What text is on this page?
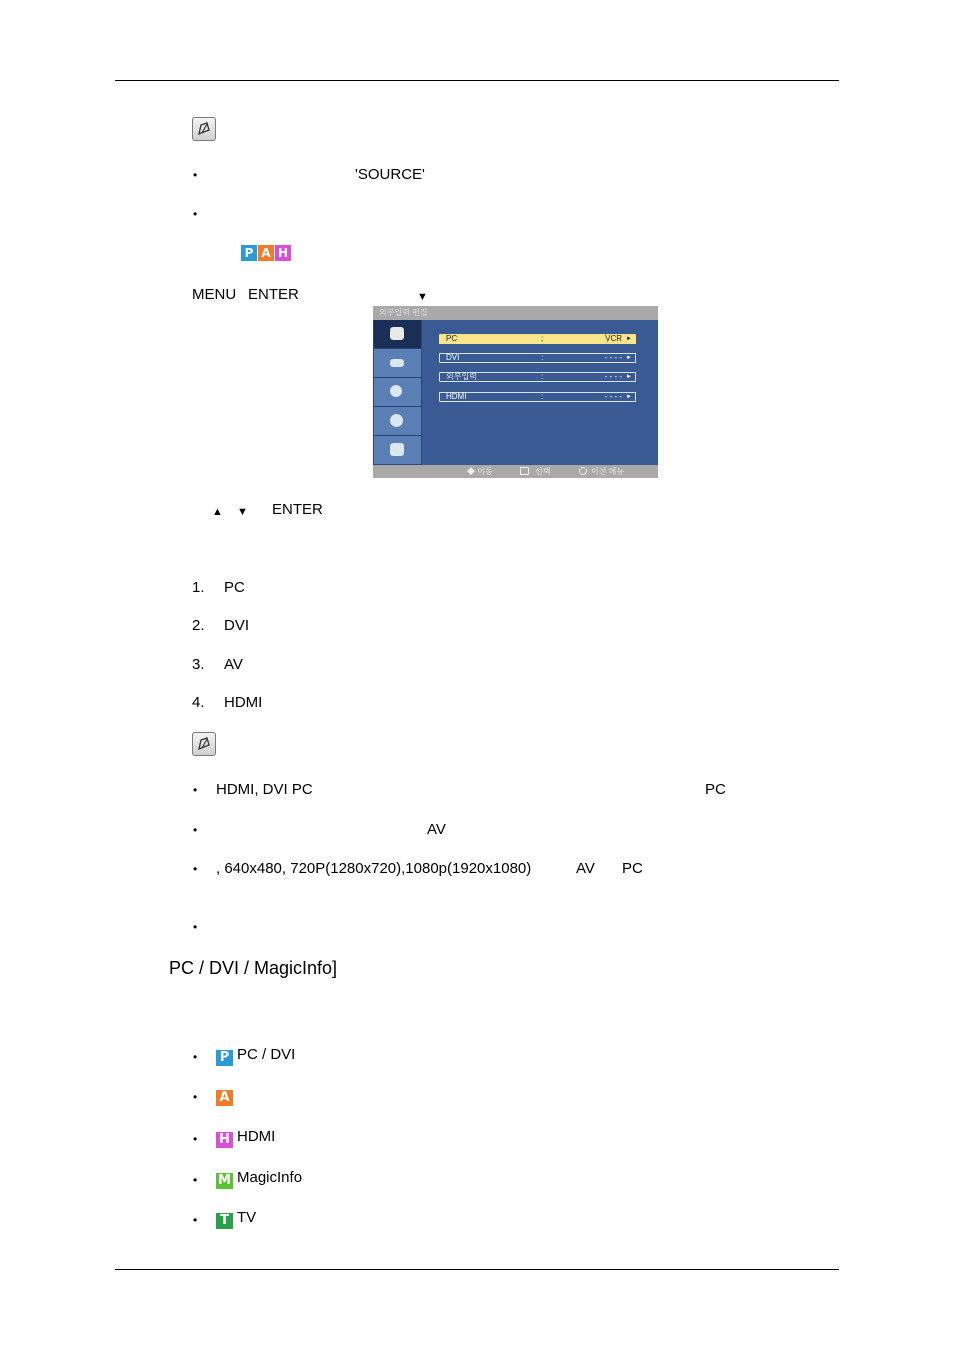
•	'SOURCE'
•
P A H
MENU ENTER	▼
외부입력 편집
PC	:	VCR ►
DVI	:	- - - - ►
외부입력	:	- - - - ►
HDMI	:	- - - - ►
◆ 이동	선택	이전 메뉴
▲ ▼ ENTER
1. PC
2. DVI
3. AV
4. HDMI
• HDMI, DVI PC	PC
•	AV
• , 640x480, 720P(1280x720),1080p(1920x1080)	AV PC
•
PC / DVI / MagicInfo]
• P PC / DVI
• A
• H HDMI
• M MagicInfo
•	T TV
